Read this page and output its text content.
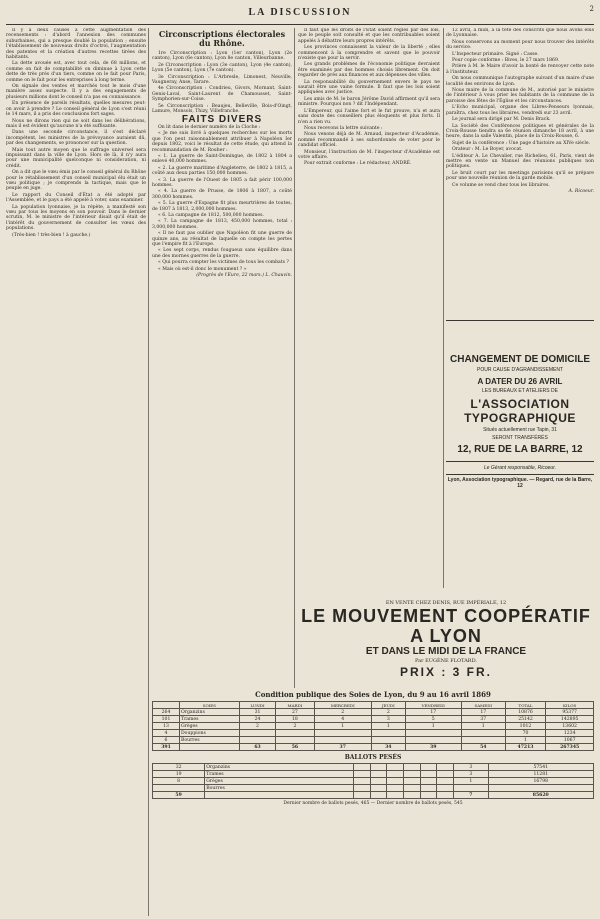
LA DISCUSSION	2

Il y a deux causes à cette augmentation des recensements : d'abord l'annexion des communes suburbaines, qui a presque doublé la population ; ensuite l'établissement de nouveaux droits d'octroi, l'augmentation des patentes et la création d'autres recettes tirées des habitants.

La dette avouée est, avec tout cela, de 68 millions, et comme on fait de comptabilité on diminue à Lyon cette dette de très près d'un tiers, comme on le fait pour Paris, comme on le fait pour les entreprises à long terme.

On signale des ventes et marchés tout le mois d'une manière assez suspecte. Il y a des engagements de plusieurs millions dont le conseil n'a pas eu connaissance.

En présence de pareils résultats, quelles mesures peut-on avoir à prendre ? Le conseil général de Lyon s'est réuni le 14 mars, il a pris des conclusions fort sages.

Nous ne dirons rien qui ne soit dans les délibérations, mais il est évident qu'aucune n'a été suffisante.

Dans une seconde circonstance, il s'est déclaré incompétent, les ministres de la prévoyance auraient dû, par des changements, se prononcer sur la question.

Mais tout autre moyen que le suffrage universel sera impuissant dans la ville de Lyon. Hors de là, il n'y aura pour une municipalité quelconque ni consideration, ni crédit.

On a dit que le vœu émis par le conseil général du Rhône pour le rétablissement d'un conseil municipal élu était un vœu politique ; je comprends la tactique, mais que le peuple en juge.

Le rapport du Conseil d'État a été adopté par l'Assemblée, et le pays a été appelé à voter, sans examiner.

La population lyonnaise, je la répète, a manifesté son vœu par tous les moyens en son pouvoir. Dans le dernier scrutin, M. le ministre de l'intérieur disait qu'il était de l'intérêt du gouvernement de consulter les vœux des populations.

(Très-bien ! très-bien ! à gauche.)

Circonscriptions électorales du Rhône.

1re Circonscription : Lyon (1er canton), Lyon (2e canton), Lyon (6e canton), Lyon 8e canton, Villeurbanne.

2e Circonscription : Lyon (3e canton), Lyon (4e canton), Lyon (5e canton), Lyon (7e canton).

3e Circonscription : L'Arbresle, Limonest, Neuville, Vaugneray, Anse, Tarare.

4e Circonscription : Condrieu, Givors, Mornant, Saint-Genis-Laval, Saint-Laurent de Chamousset, Saint-Symphorien-sur-Coise.

5e Circonscription : Beaujeu, Belleville, Bois-d'Oingt, Lamure, Monsols, Thizy, Villefranche.

FAITS DIVERS

On lit dans le dernier numéro de la Cloche :

« Je me suis livré à quelques recherches sur les morts que l'on peut raisonnablement attribuer à Napoléon Ier depuis 1802, voici le résultat de cette étude, qui attend la recommandation de M. Rouher :

« 1. La guerre de Saint-Domingue, de 1802 à 1804 a enlevé 40,000 hommes.

« 2. La guerre maritime d'Angleterre, de 1802 à 1815, a coûté aux deux parties 150,000 hommes.

« 3. La guerre de l'Ouest de 1805 a fait périr 100,000 hommes.

« 4. La guerre de Prusse, de 1806 à 1807, a coûté 300,000 hommes.

« 5. La guerre d'Espagne fit plus meurtrières de toutes, de 1807 à 1813, 2,000,000 hommes.

« 6. La campagne de 1812, 500,000 hommes.

« 7. La campagne de 1813, 450,000 hommes, total : 3,000,000 hommes.

« Il ne faut pas oublier que Napoléon fit une guerre de quinze ans, au résultat de laquelle on compte les pertes que l'empire fit à l'Europe.

« Les sept corps, rendus fougueux sans équilibre dans une des mornes guerres de la guerre.

« Qui pourra compter les victimes de tous les combats ?

« Mais où est-il donc le monument ? »

(Progrès de l'Eure, 22 mars.) L. Chauvin.

Il faut que les droits de l'État soient réglés par des lois, que le peuple soit consulté et que les contribuables soient appelés à débattre leurs propres intérêts.

Les provinces connaissent la valeur de la liberté ; elles commencent à la comprendre et savent que le pouvoir n'existe que pour la servir.

Les grands problèmes de l'économie politique devraient être examinés par des hommes choisis librement. On doit regarder de près aux finances et aux dépenses des villes.

La responsabilité du gouvernement envers le pays ne saurait être une vaine formule. Il faut que les lois soient appliquées avec justice.

Les amis de M. le baron Jérôme David affirment qu'il sera ministre. Pourquoi non ? dit l'Indépendant.

L'Empereur, qui l'aime fort et le fut prouve, n'a et aura sans doute des conseillers plus éloquents et plus forts. Il n'en a rien vu.

Nous recevons la lettre suivante :

Nous venons déjà de M. Arnaud, inspecteur d'Académie, nommé recommandé à ses subordonnés de voter pour le candidat officiel.

Monsieur, l'instruction de M. l'inspecteur d'Académie est votre affaire.

Pour extrait conforme : Le rédacteur, ANDRÉ.

12 avril, à midi, à la tête des conscrits que nous avons élus de Lyonnaise.

Nous conservons au moment pour nous trouver des intérêts du service.

L'Inspecteur primaire. Signé : Casse.

Pour copie conforme : Bives, le 27 mars 1869.

Prière à M. le Maire d'avoir la bonté de renvoyer cette note à l'instituteur.

On nous communique l'autographe suivant d'un maire d'une localité des environs de Lyon.

Nous maire de la commune de M., autorisé par le ministre de l'intérieur à vous prier les habitants de la commune de la paroisse des fêtes de l'Église et les circonstances.

L'Echo municipal, organe des Libres-Penseurs lyonnais, paraîtra, chez tous les libraires, vendredi sur 23 avril.

Le journal sera dirigé par M. Denis Brack.

La Société des Conférences politiques et générales de la Croix-Rousse tiendra sa 6e réunion dimanche 18 avril, à une heure, dans la salle Valentin, place de la Croix-Rousse, 6.

Sujet de la conférence : Une page d'histoire au XIVe siècle.

Orateur : M. Le Boyer, avocat.

L'éditeur A. Le Chevalier, rue Richelieu, 61, Paris, vient de mettre en vente un Manuel des réunions publiques non politiques.

Le bruit court par les meetings parisiens qu'il se prépare pour une nouvelle réunion de la garde mobile.

Ce volume se vend chez tous les libraires.

A. Ricoeur.

CHANGEMENT DE DOMICILE
POUR CAUSE D'AGRANDISSEMENT
A DATER DU 26 AVRIL
LES BUREAUX ET ATELIERS DE
L'ASSOCIATION TYPOGRAPHIQUE
Situés actuellement rue Tapin, 31
SERONT TRANSFÉRÉS
12, RUE DE LA BARRE, 12
Le Gérant responsable, Ricoeur.
Lyon, Association typographique. — Regard, rue de la Barre, 12
EN VENTE CHEZ DENIS, RUE IMPÉRIALE, 12
LE MOUVEMENT COOPÉRATIF A LYON
ET DANS LE MIDI DE LA FRANCE
Par EUGÈNE FLOTARD.
PRIX : 3 FR.
Condition publique des Soies de Lyon, du 9 au 16 avril 1869
	SOIES	LUNDI	MARDI	MERCREDI	JEUDI	VENDREDI	SAMEDI	TOTAL	KILOS
264	Organzins	31	27	2	2	17	17	10876	95377
101	Trames	24	18	4	3	5	37	25142	142895
13	Grèges	2	2	1	1	1	1	1012	13602
4	Douppions							70	1234
6	Bourres							1	1067
391		63	56	37	34	39	54	47213	267345
BALLOTS PESÉS
32	Organzins							3	57541
19	Trames							3	11281
8	Grèges							1	16798
	Bourres								
59								7	85620
Dernier nombre de ballots pesés, 465 — Dernier nombre de ballots pesés, 545
